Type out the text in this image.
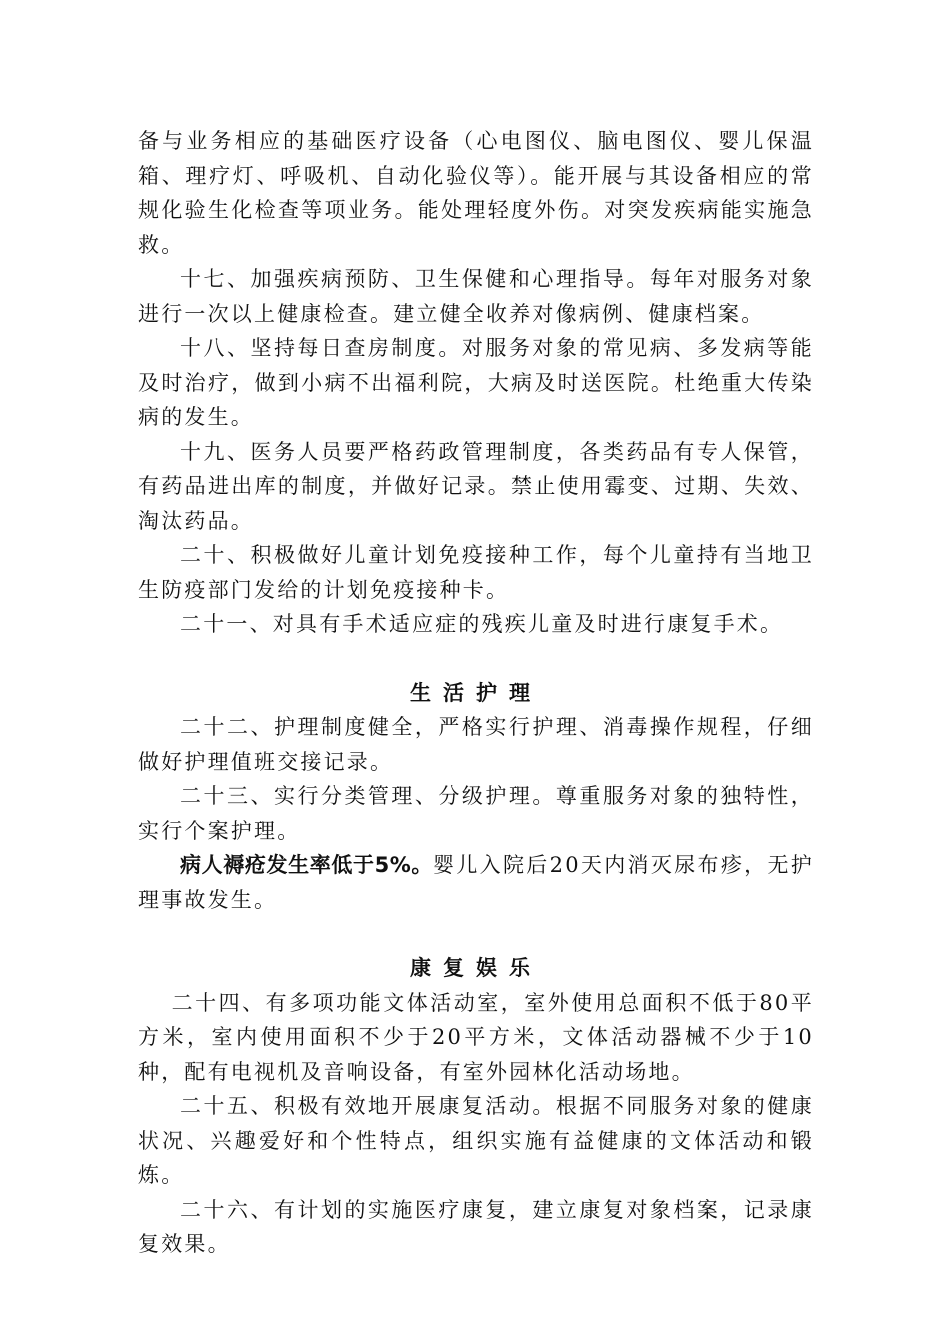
备与业务相应的基础医疗设备（心电图仪、脑电图仪、婴儿保温箱、理疗灯、呼吸机、自动化验仪等）。能开展与其设备相应的常规化验生化检查等项业务。能处理轻度外伤。对突发疾病能实施急救。

十七、加强疾病预防、卫生保健和心理指导。每年对服务对象进行一次以上健康检查。建立健全收养对像病例、健康档案。

十八、坚持每日查房制度。对服务对象的常见病、多发病等能及时治疗，做到小病不出福利院，大病及时送医院。杜绝重大传染病的发生。

十九、医务人员要严格药政管理制度，各类药品有专人保管，有药品进出库的制度，并做好记录。禁止使用霉变、过期、失效、淘汰药品。

二十、积极做好儿童计划免疫接种工作，每个儿童持有当地卫生防疫部门发给的计划免疫接种卡。

二十一、对具有手术适应症的残疾儿童及时进行康复手术。

生活护理

二十二、护理制度健全，严格实行护理、消毒操作规程，仔细做好护理值班交接记录。

二十三、实行分类管理、分级护理。尊重服务对象的独特性，实行个案护理。

病人褥疮发生率低于5%。婴儿入院后20天内消灭尿布疹，无护理事故发生。

康复娱乐

二十四、有多项功能文体活动室，室外使用总面积不低于80平方米，室内使用面积不少于20平方米，文体活动器械不少于10种，配有电视机及音响设备，有室外园林化活动场地。

二十五、积极有效地开展康复活动。根据不同服务对象的健康状况、兴趣爱好和个性特点，组织实施有益健康的文体活动和锻炼。

二十六、有计划的实施医疗康复，建立康复对象档案，记录康复效果。
